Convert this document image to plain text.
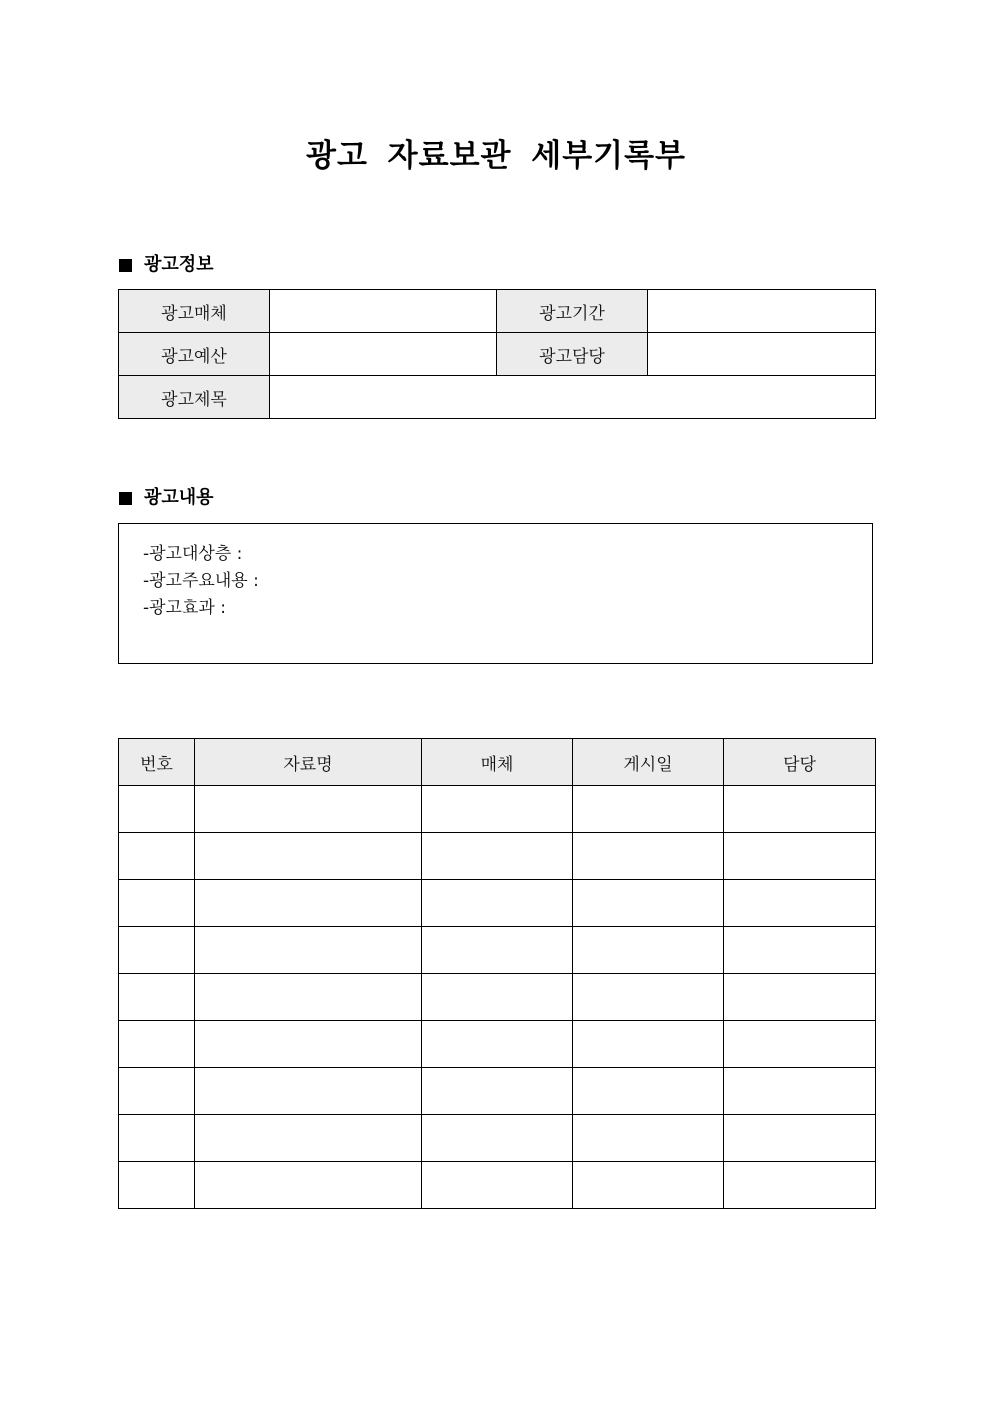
광고 자료보관 세부기록부
광고정보
광고매체		광고기간	
광고예산		광고담당	
광고제목			
광고내용
-광고대상층 :
-광고주요내용 :
-광고효과 :
번호	자료명	매체	게시일	담당
